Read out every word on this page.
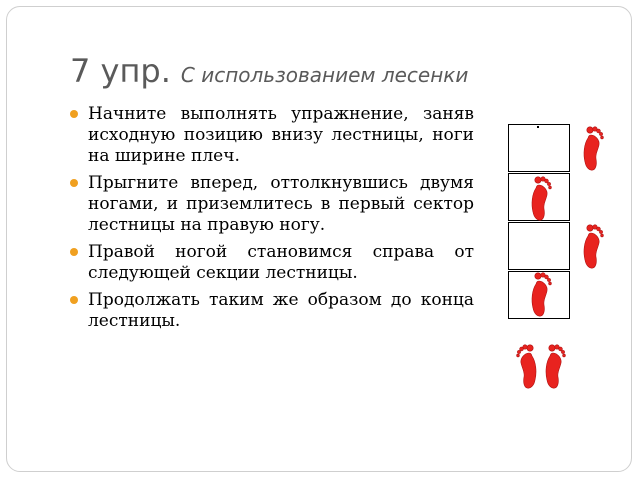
7 упр. С использованием лесенки
Начните выполнять упражнение, заняв исходную позицию внизу лестницы, ноги на ширине плеч.
Прыгните вперед, оттолкнувшись двумя ногами, и приземлитесь в первый сектор лестницы на правую ногу.
Правой ногой становимся справа от следующей секции лестницы.
Продолжать таким же образом до конца лестницы.
